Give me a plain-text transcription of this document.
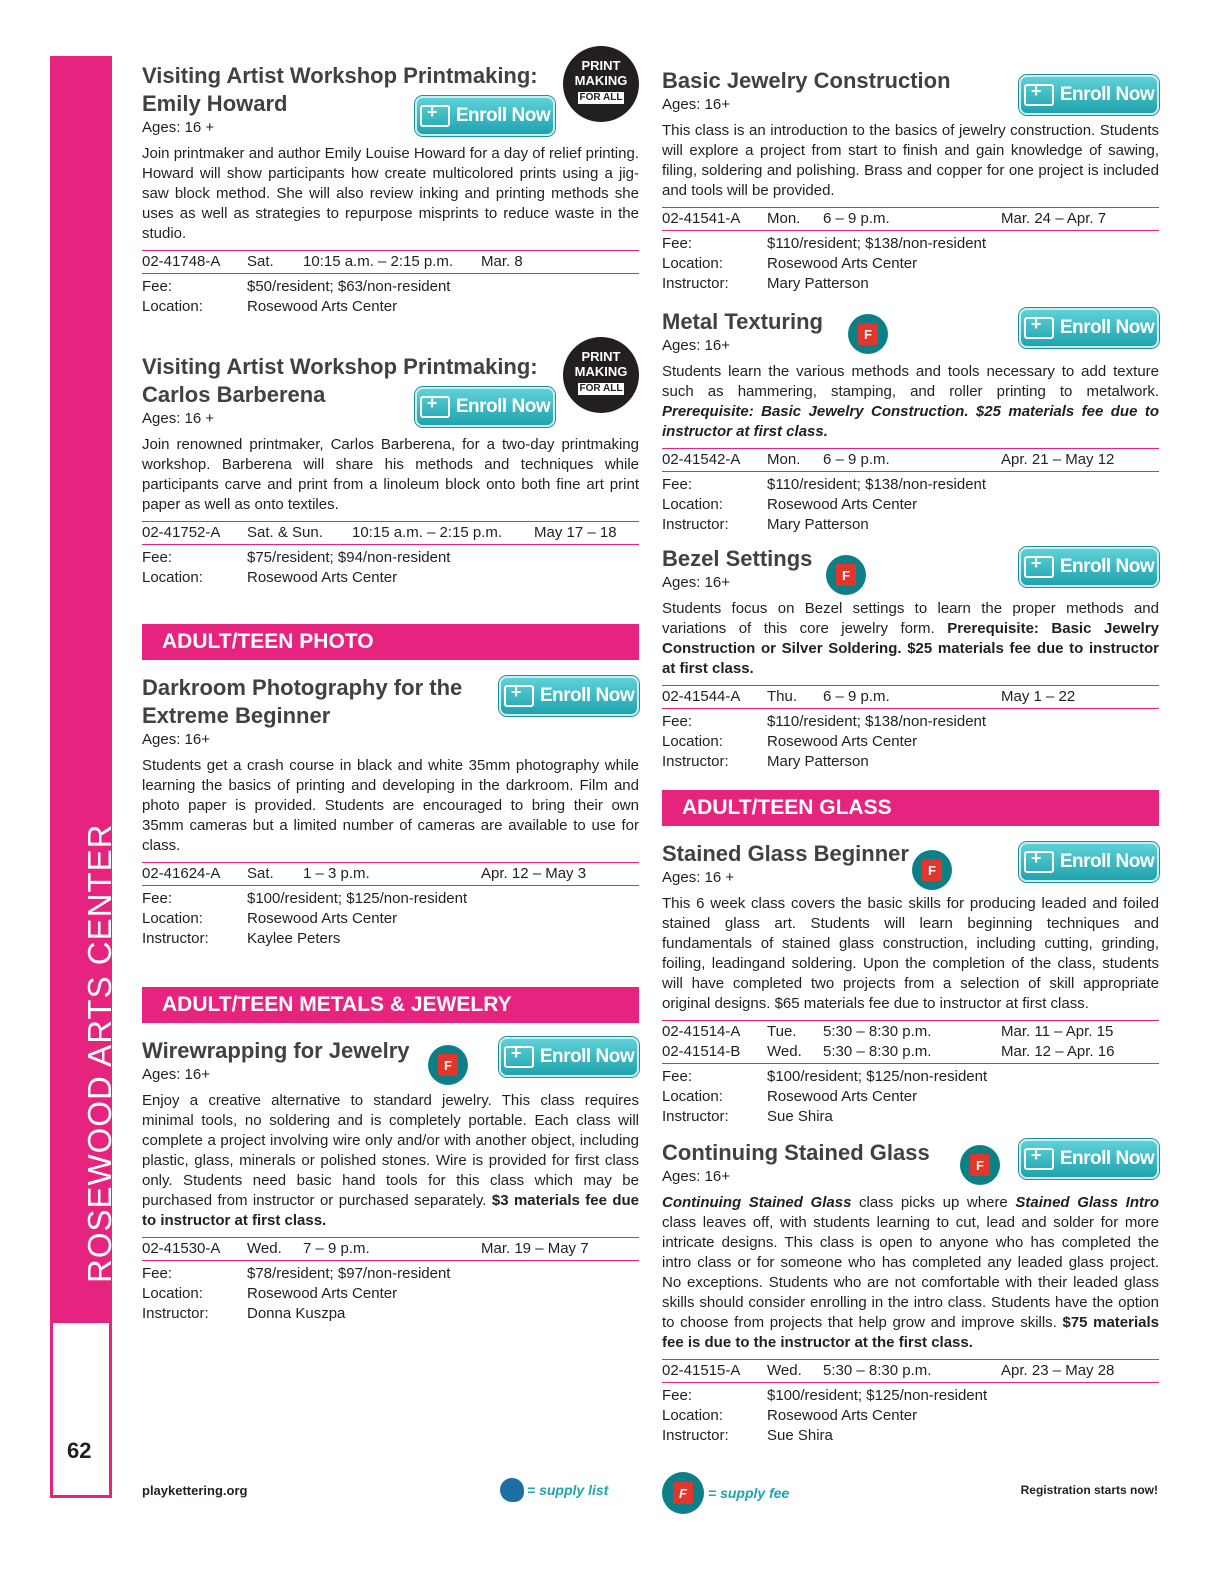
ROSEWOOD ARTS CENTER
62
PRINT
MAKING
FOR ALL
+
Enroll Now
Visiting Artist Workshop Printmaking: Emily Howard

Ages: 16 +

Join printmaker and author Emily Louise Howard for a day of relief printing. Howard will show participants how create multicolored prints using a jig-saw block method. She will also review inking and printing methods she uses as well as strategies to repurpose misprints to reduce waste in the studio.

02-41748-A	Sat.	10:15 a.m. – 2:15 p.m.	Mar. 8
Fee:	$50/resident; $63/non-resident
Location:	Rosewood Arts Center
PRINT
MAKING
FOR ALL
+
Enroll Now
Visiting Artist Workshop Printmaking: Carlos Barberena

Ages: 16 +

Join renowned printmaker, Carlos Barberena, for a two-day printmaking workshop. Barberena will share his methods and techniques while participants carve and print from a linoleum block onto both fine art print paper as well as onto textiles.

02-41752-A	Sat. & Sun.	10:15 a.m. – 2:15 p.m.	May 17 – 18
Fee:	$75/resident; $94/non-resident
Location:	Rosewood Arts Center
ADULT/TEEN PHOTO
+
Enroll Now
Darkroom Photography for the Extreme Beginner

Ages: 16+

Students get a crash course in black and white 35mm photography while learning the basics of printing and developing in the darkroom. Film and photo paper is provided. Students are encouraged to bring their own 35mm cameras but a limited number of cameras are available to use for class.

02-41624-A	Sat.	1 – 3 p.m.	Apr. 12 – May 3
Fee:	$100/resident; $125/non-resident
Location:	Rosewood Arts Center
Instructor:	Kaylee Peters
ADULT/TEEN METALS & JEWELRY
F
+	Enroll Now
Wirewrapping for Jewelry

Ages: 16+

Enjoy a creative alternative to standard jewelry. This class requires minimal tools, no soldering and is completely portable. Each class will complete a project involving wire only and/or with another object, including plastic, glass, minerals or polished stones. Wire is provided for first class only. Students need basic hand tools for this class which may be purchased from instructor or purchased separately. $3 materials fee due to instructor at first class.

02-41530-A	Wed.	7 – 9 p.m.	Mar. 19 – May 7
Fee:	$78/resident; $97/non-resident
Location:	Rosewood Arts Center
Instructor:	Donna Kuszpa
+
Enroll Now
Basic Jewelry Construction

Ages: 16+

This class is an introduction to the basics of jewelry construction. Students will explore a project from start to finish and gain knowledge of sawing, filing, soldering and polishing. Brass and copper for one project is included and tools will be provided.

02-41541-A	Mon.	6 – 9 p.m.	Mar. 24 – Apr. 7
Fee:	$110/resident; $138/non-resident
Location:	Rosewood Arts Center
Instructor:	Mary Patterson
F
+	Enroll Now
Metal Texturing

Ages: 16+

Students learn the various methods and tools necessary to add texture such as hammering, stamping, and roller printing to metalwork. Prerequisite: Basic Jewelry Construction. $25 materials fee due to instructor at first class.

02-41542-A	Mon.	6 – 9 p.m.	Apr. 21 – May 12
Fee:	$110/resident; $138/non-resident
Location:	Rosewood Arts Center
Instructor:	Mary Patterson
F
+	Enroll Now
Bezel Settings

Ages: 16+

Students focus on Bezel settings to learn the proper methods and variations of this core jewelry form. Prerequisite: Basic Jewelry Construction or Silver Soldering. $25 materials fee due to instructor at first class.

02-41544-A	Thu.	6 – 9 p.m.	May 1 – 22
Fee:	$110/resident; $138/non-resident
Location:	Rosewood Arts Center
Instructor:	Mary Patterson
ADULT/TEEN GLASS
F
+	Enroll Now
Stained Glass Beginner

Ages: 16 +

This 6 week class covers the basic skills for producing leaded and foiled stained glass art. Students will learn beginning techniques and fundamentals of stained glass construction, including cutting, grinding, foiling, leadingand soldering. Upon the completion of the class, students will have completed two projects from a selection of skill appropriate original designs. $65 materials fee due to instructor at first class.

02-41514-A	Tue.	5:30 – 8:30 p.m.	Mar. 11 – Apr. 15
02-41514-B	Wed.	5:30 – 8:30 p.m.	Mar. 12 – Apr. 16
Fee:	$100/resident; $125/non-resident
Location:	Rosewood Arts Center
Instructor:	Sue Shira
F
+	Enroll Now
Continuing Stained Glass

Ages: 16+

Continuing Stained Glass class picks up where Stained Glass Intro class leaves off, with students learning to cut, lead and solder for more intricate designs. This class is open to anyone who has completed the intro class or for someone who has completed any leaded glass project. No exceptions. Students who are not comfortable with their leaded glass skills should consider enrolling in the intro class. Students have the option to choose from projects that help grow and improve skills. $75 materials fee is due to the instructor at the first class.

02-41515-A	Wed.	5:30 – 8:30 p.m.	Apr. 23 – May 28
Fee:	$100/resident; $125/non-resident
Location:	Rosewood Arts Center
Instructor:	Sue Shira
playkettering.org	= supply list	F	= supply fee	Registration starts now!
